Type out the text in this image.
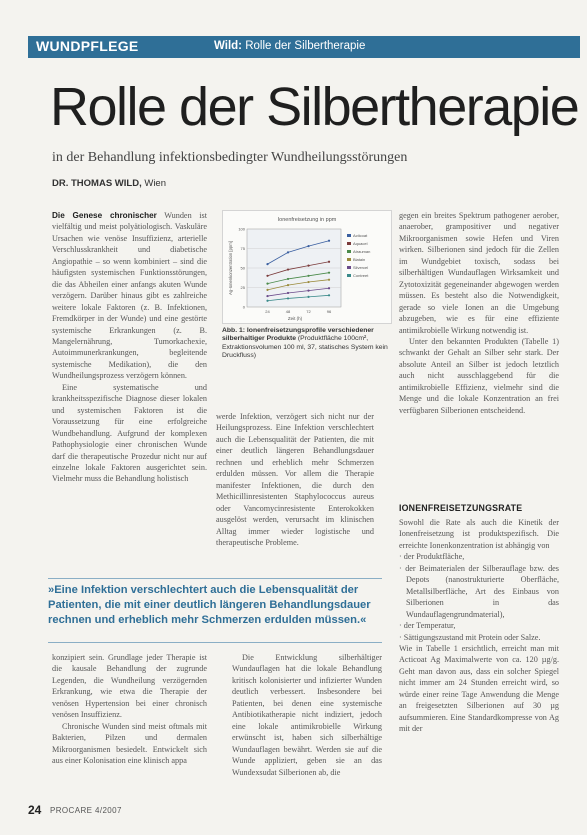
WUNDPFLEGE	Wild: Rolle der Silbertherapie
Rolle der Silbertherapie
in der Behandlung infektionsbedingter Wundheilungsstörungen
DR. THOMAS WILD, Wien

Die Genese chronischer Wunden ist vielfältig und meist polyätiologisch. Vaskuläre Ursachen wie venöse Insuffizienz, arterielle Verschlusskrankheit und diabetische Angiopathie – so wenn kombiniert – sind die häufigsten systemischen Funktionsstörungen, die das Abheilen einer anfangs akuten Wunde verzögern. Darüber hinaus gibt es zahlreiche weitere lokale Faktoren (z. B. Infektionen, Fremdkörper in der Wunde) und eine gestörte systemische Erkrankungen (z. B. Mangelernährung, Tumorkachexie, Autoimmunerkrankungen, begleitende systemische Medikation), die den Wundheilungsprozess verzögern können.

Eine systematische und krankheitsspezifische Diagnose dieser lokalen und systemischen Faktoren ist die Voraussetzung für eine erfolgreiche Wundbehandlung. Aufgrund der komplexen Pathophysiologie einer chronischen Wunde darf die therapeutische Prozedur nicht nur auf einzelne lokale Faktoren ausgerichtet sein. Vielmehr muss die Behandlung holistisch

Ionenfreisetzung in ppm
Ag-Ionenkonzentration [ppm]
Zeit (h)
0
25
50
75
100
24	48	72	96
Acticoat
Aquacel
Atrauman
Biatain
Silvercel
Contreet
Abb. 1: Ionenfreisetzungsprofile verschiedener silberhaltiger Produkte (Produktfläche 100cm², Extraktionsvolumen 100 ml, 37, statisches System kein Druckfluss)

werde Infektion, verzögert sich nicht nur der Heilungsprozess. Eine Infektion verschlechtert auch die Lebensqualität der Patienten, die mit einer deutlich längeren Behandlungsdauer rechnen und erheblich mehr Schmerzen erdulden müssen. Vor allem die Therapie manifester Infektionen, die durch den Methicillinresistenten Staphylococcus aureus oder Vancomycinresistente Enterokokken ausgelöst werden, verursacht im klinischen Alltag immer wieder logistische und therapeutische Probleme.

gegen ein breites Spektrum pathogener aerober, anaerober, grampositiver und negativer Mikroorganismen sowie Hefen und Viren wirken. Silberionen sind jedoch für die Zellen im Wundgebiet toxisch, sodass bei silberhältigen Wundauflagen Wirksamkeit und Zytotoxizität gegeneinander abgewogen werden müssen. Es besteht also die Notwendigkeit, gerade so viele Ionen an die Umgebung abzugeben, wie es für eine effiziente antimikrobielle Wirkung notwendig ist.

Unter den bekannten Produkten (Tabelle 1) schwankt der Gehalt an Silber sehr stark. Der absolute Anteil an Silber ist jedoch letztlich auch nicht ausschlaggebend für die antimikrobielle Effizienz, vielmehr sind die Menge und die lokale Konzentration an frei verfügbaren Silberionen entscheidend.

IONENFREISETZUNGSRATE

Sowohl die Rate als auch die Kinetik der Ionenfreisetzung ist produktspezifisch. Die erreichte Ionenkonzentration ist abhängig von

· der Produktfläche,
· der Beimaterialen der Silberauflage bzw. des Depots (nanostrukturierte Oberfläche, Metallsilberfläche, Art des Einbaus von Silberionen in das Wundauflagengrundmaterial),
· der Temperatur,
· Sättigungszustand mit Protein oder Salze.

Wie in Tabelle 1 ersichtlich, erreicht man mit Acticoat Ag Maximalwerte von ca. 120 µg/g. Geht man davon aus, dass ein solcher Spiegel nicht immer am 24 Stunden erreicht wird, so würde einer reine Tage Anwendung die Menge an freigesetzten Silberionen auf 30 µg aufsummieren. Eine Standardkompresse von Ag mit der

»Eine Infektion verschlechtert auch die Lebensqualität der Patienten, die mit einer deutlich längeren Behandlungsdauer rechnen und erheblich mehr Schmerzen erdulden müssen.«

konzipiert sein. Grundlage jeder Therapie ist die kausale Behandlung der zugrunde Legenden, die Wundheilung verzögernden Erkrankung, wie etwa die Therapie der venösen Hypertension bei einer chronisch venösen Insuffizienz.

Chronische Wunden sind meist oftmals mit Bakterien, Pilzen und dermalen Mikroorganismen besiedelt. Entwickelt sich aus einer Kolonisation eine klinisch appa

Die Entwicklung silberhältiger Wundauflagen hat die lokale Behandlung kritisch kolonisierter und infizierter Wunden deutlich verbessert. Insbesondere bei Patienten, bei denen eine systemische Antibiotikatherapie nicht indiziert, jedoch eine lokale antimikrobielle Wirkung erwünscht ist, haben sich silberhältige Wundauflagen bewährt. Werden sie auf die Wunde appliziert, geben sie an das Wundexsudat Silberionen ab, die

24 PROCARE 4/2007
